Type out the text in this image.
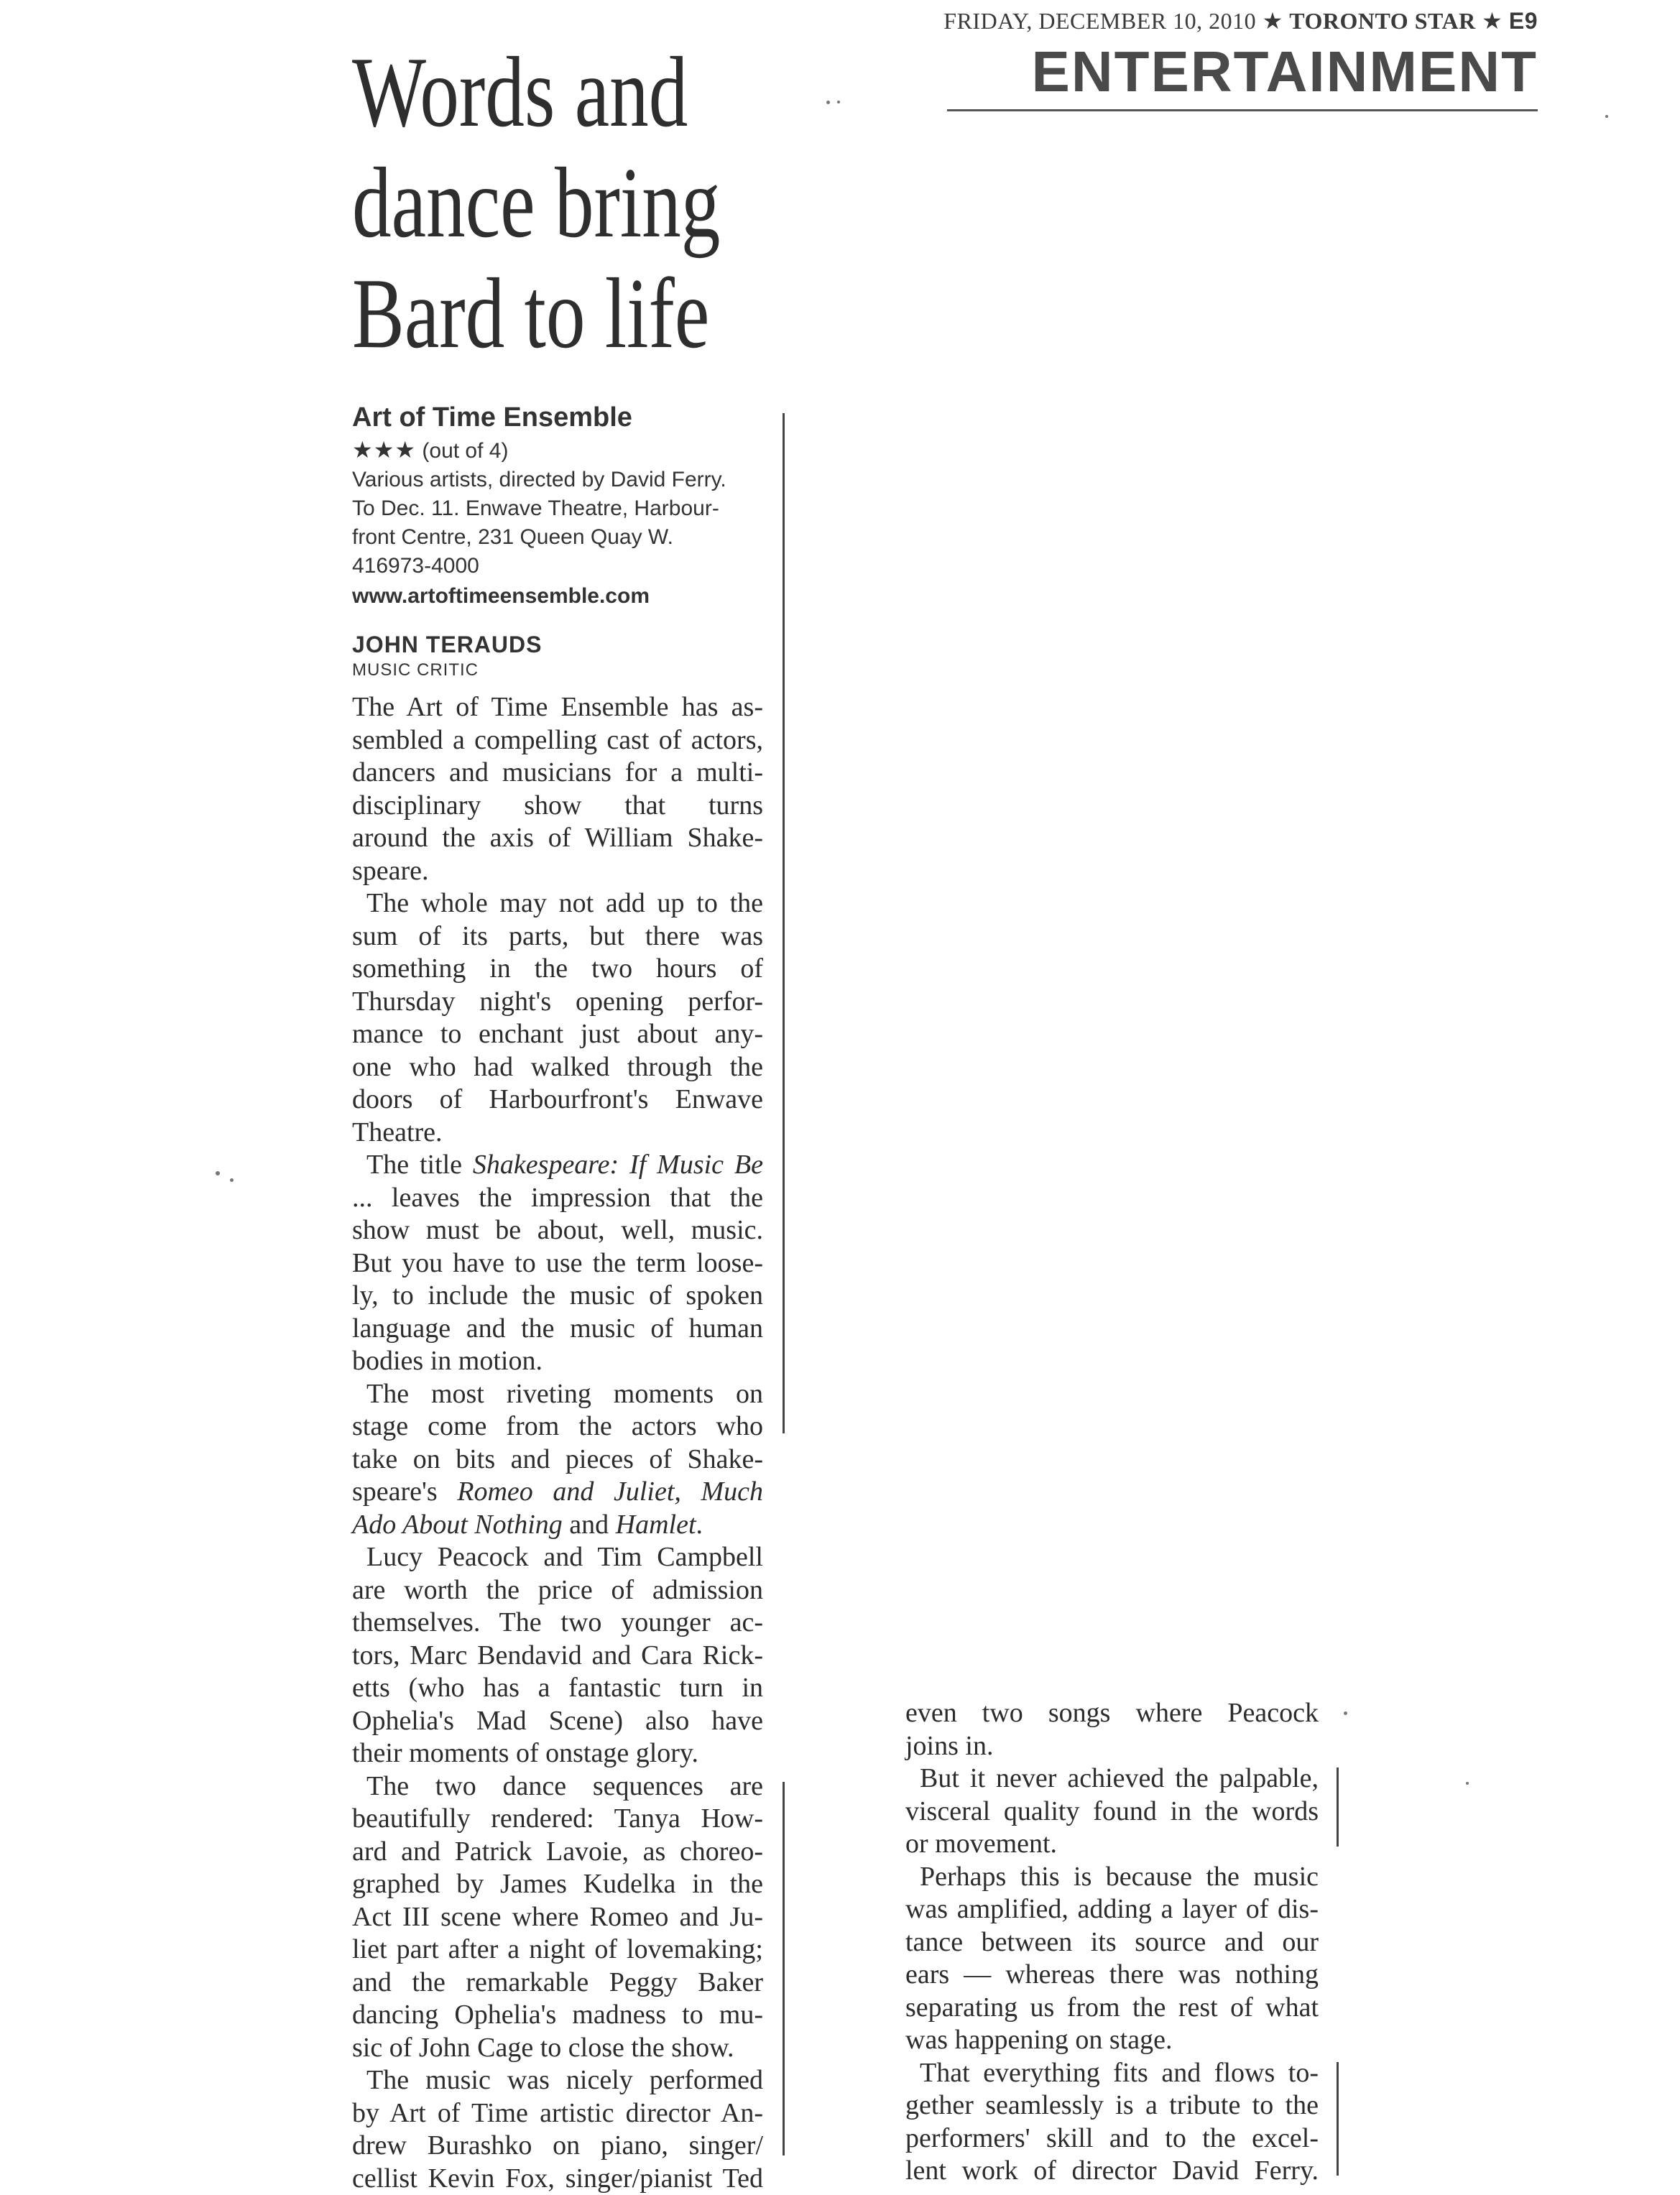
FRIDAY, DECEMBER 10, 2010 ★ TORONTO STAR ★ E9
ENTERTAINMENT
Words and
dance bring
Bard to life
Art of Time Ensemble
★★★ (out of 4)
Various artists, directed by David Ferry.
To Dec. 11. Enwave Theatre, Harbour-
front Centre, 231 Queen Quay W.
416973-4000
www.artoftimeensemble.com
JOHN TERAUDS
MUSIC CRITIC
The Art of Time Ensemble has as-
sembled a compelling cast of actors,
dancers and musicians for a multi-
disciplinary show that turns
around the axis of William Shake-
speare.
The whole may not add up to the
sum of its parts, but there was
something in the two hours of
Thursday night's opening perfor-
mance to enchant just about any-
one who had walked through the
doors of Harbourfront's Enwave
Theatre.
The title Shakespeare: If Music Be
... leaves the impression that the
show must be about, well, music.
But you have to use the term loose-
ly, to include the music of spoken
language and the music of human
bodies in motion.
The most riveting moments on
stage come from the actors who
take on bits and pieces of Shake-
speare's Romeo and Juliet, Much
Ado About Nothing and Hamlet.
Lucy Peacock and Tim Campbell
are worth the price of admission
themselves. The two younger ac-
tors, Marc Bendavid and Cara Rick-
etts (who has a fantastic turn in
Ophelia's Mad Scene) also have
their moments of onstage glory.
The two dance sequences are
beautifully rendered: Tanya How-
ard and Patrick Lavoie, as choreo-
graphed by James Kudelka in the
Act III scene where Romeo and Ju-
liet part after a night of lovemaking;
and the remarkable Peggy Baker
dancing Ophelia's madness to mu-
sic of John Cage to close the show.
The music was nicely performed
by Art of Time artistic director An-
drew Burashko on piano, singer/
cellist Kevin Fox, singer/pianist Ted
even two songs where Peacock
joins in.
But it never achieved the palpable,
visceral quality found in the words
or movement.
Perhaps this is because the music
was amplified, adding a layer of dis-
tance between its source and our
ears — whereas there was nothing
separating us from the rest of what
was happening on stage.
That everything fits and flows to-
gether seamlessly is a tribute to the
performers' skill and to the excel-
lent work of director David Ferry.
